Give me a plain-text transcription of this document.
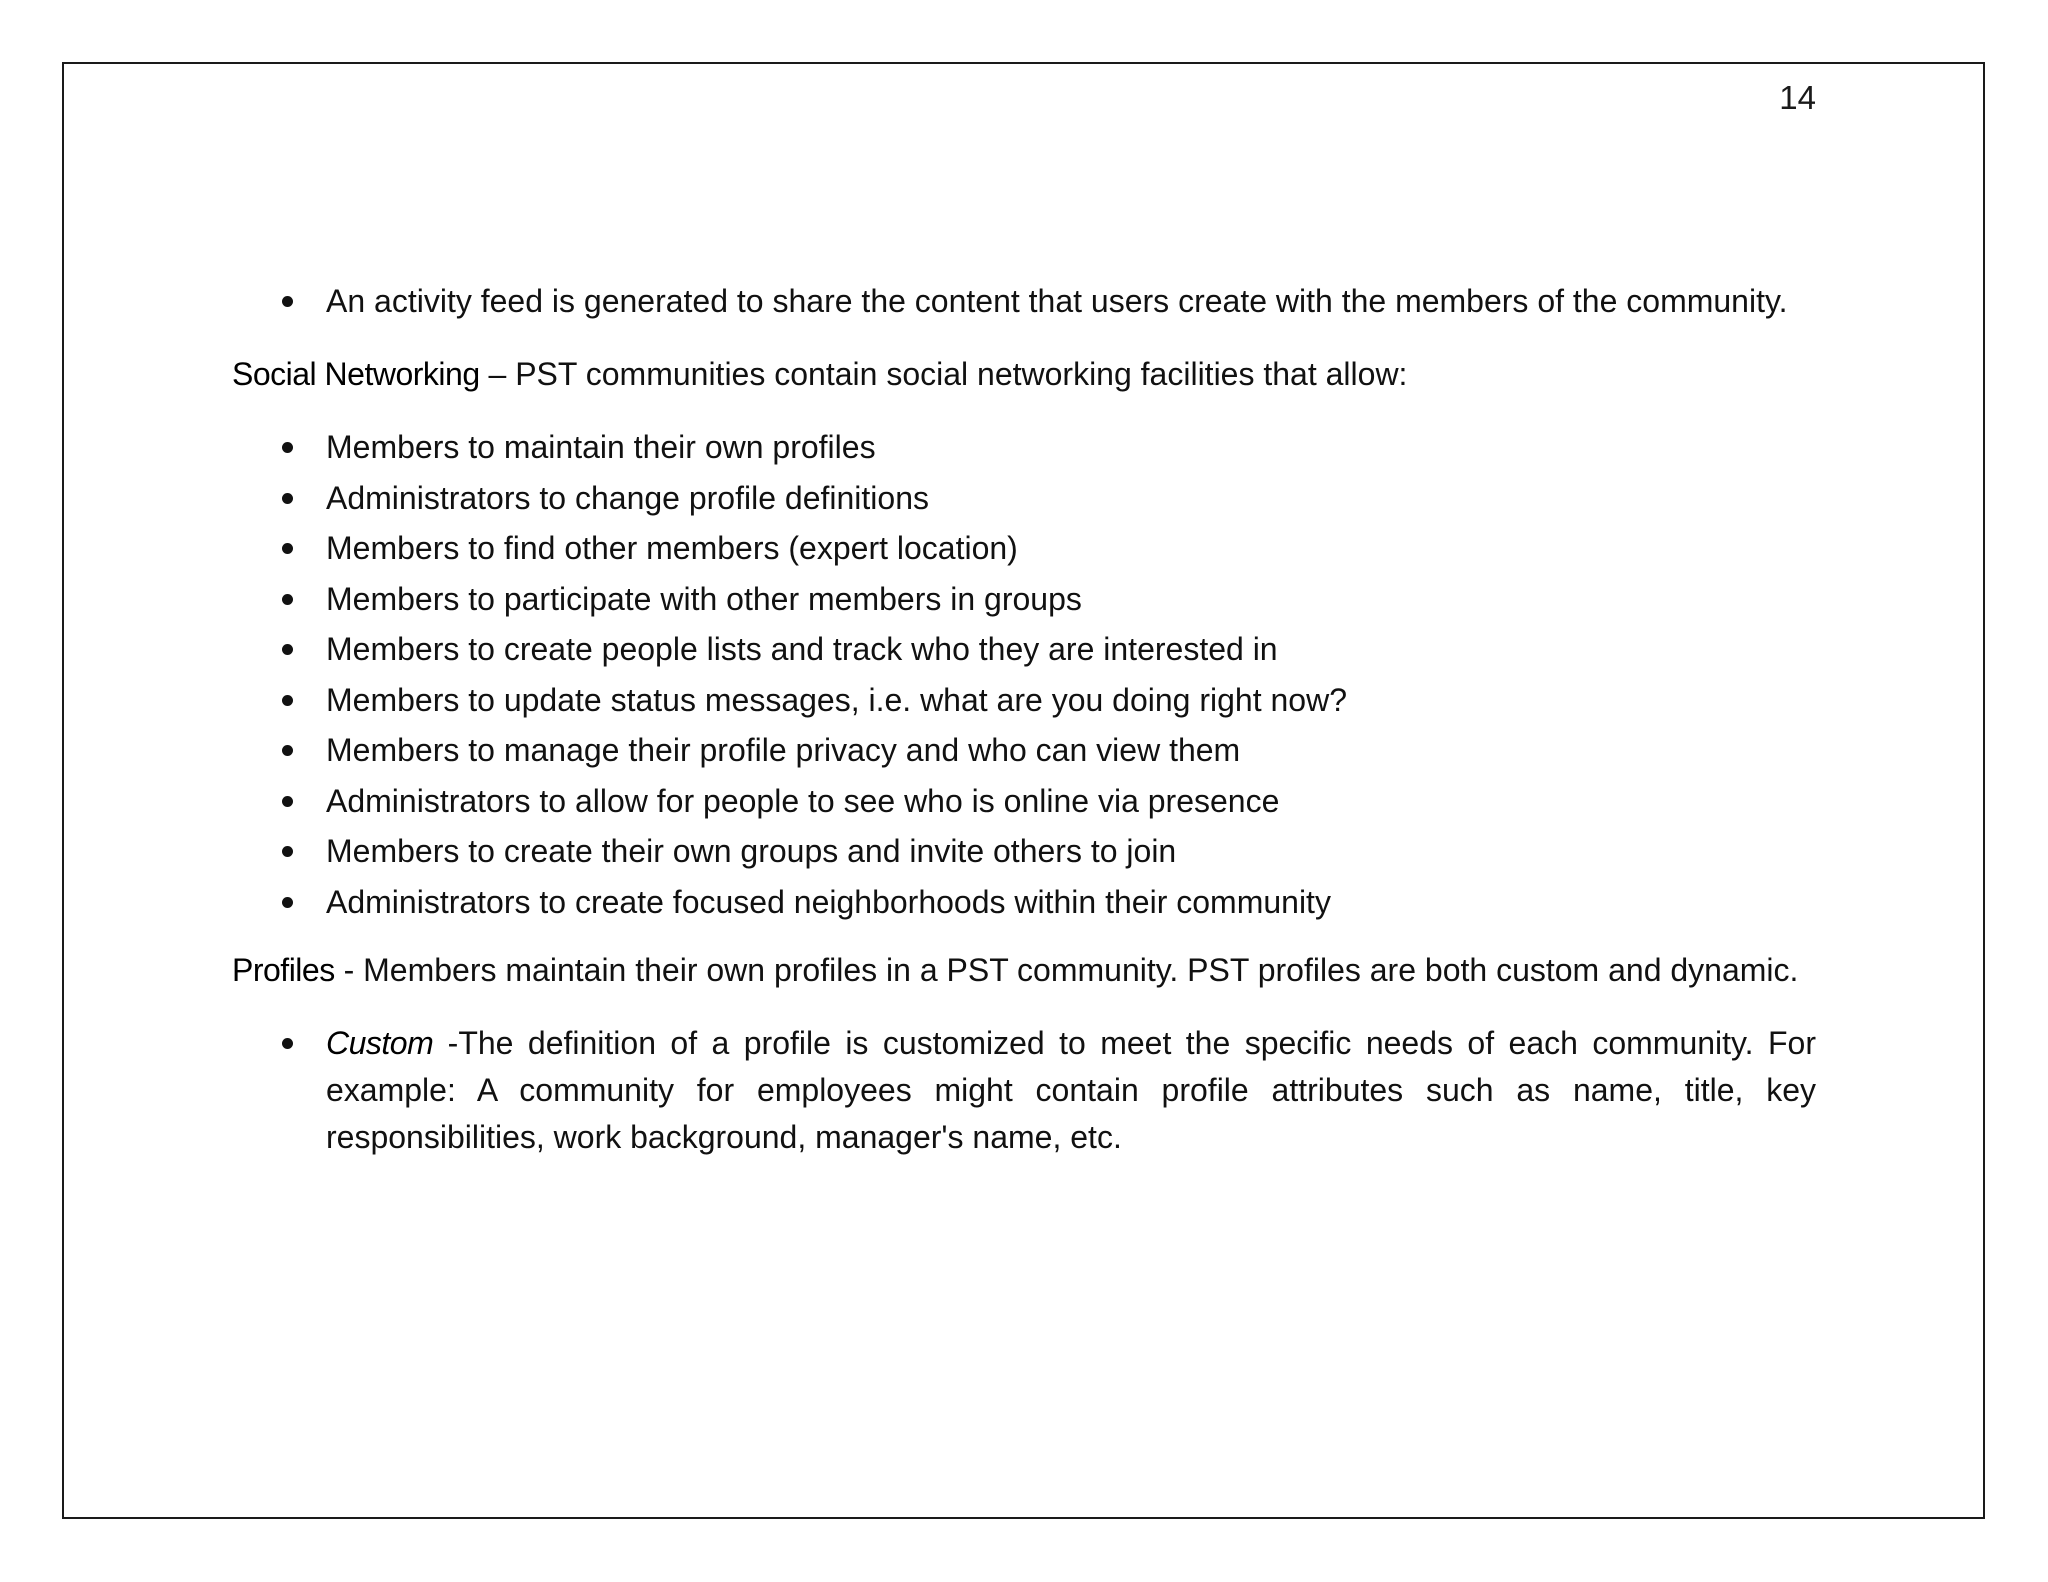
14
An activity feed is generated to share the content that users create with the members of the community.

Social Networking – PST communities contain social networking facilities that allow:

Members to maintain their own profiles
Administrators to change profile definitions
Members to find other members (expert location)
Members to participate with other members in groups
Members to create people lists and track who they are interested in
Members to update status messages, i.e. what are you doing right now?
Members to manage their profile privacy and who can view them
Administrators to allow for people to see who is online via presence
Members to create their own groups and invite others to join
Administrators to create focused neighborhoods within their community

Profiles - Members maintain their own profiles in a PST community. PST profiles are both custom and dynamic.

Custom -The definition of a profile is customized to meet the specific needs of each community. For example: A community for employees might contain profile attributes such as name, title, key responsibilities, work background, manager's name, etc.
